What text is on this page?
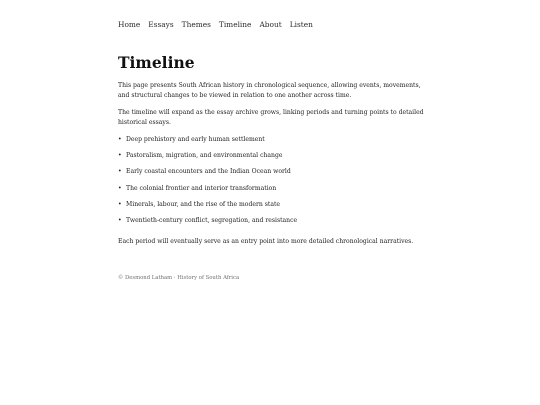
Home Essays Themes Timeline About Listen
Timeline

This page presents South African history in chronological sequence, allowing events, movements, and structural changes to be viewed in relation to one another across time.

The timeline will expand as the essay archive grows, linking periods and turning points to detailed historical essays.

• Deep prehistory and early human settlement
• Pastoralism, migration, and environmental change
• Early coastal encounters and the Indian Ocean world
• The colonial frontier and interior transformation
• Minerals, labour, and the rise of the modern state
• Twentieth-century conflict, segregation, and resistance

Each period will eventually serve as an entry point into more detailed chronological narratives.

© Desmond Latham · History of South Africa
